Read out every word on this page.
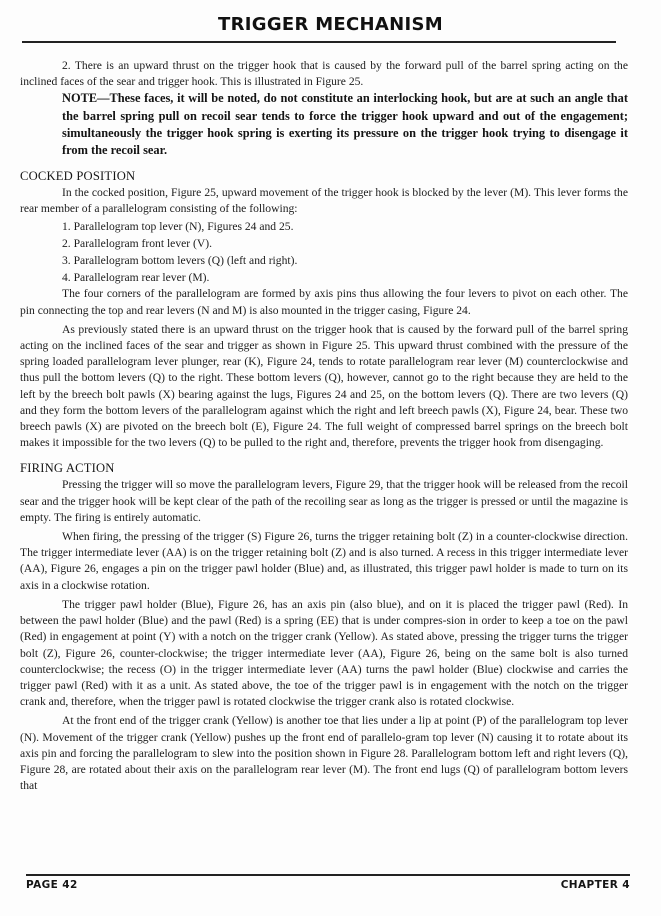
TRIGGER MECHANISM

2. There is an upward thrust on the trigger hook that is caused by the forward pull of the barrel spring acting on the inclined faces of the sear and trigger hook. This is illustrated in Figure 25.

NOTE—These faces, it will be noted, do not constitute an interlocking hook, but are at such an angle that the barrel spring pull on recoil sear tends to force the trigger hook upward and out of the engagement; simultaneously the trigger hook spring is exerting its pressure on the trigger hook trying to disengage it from the recoil sear.

COCKED POSITION

In the cocked position, Figure 25, upward movement of the trigger hook is blocked by the lever (M). This lever forms the rear member of a parallelogram consisting of the following:

1. Parallelogram top lever (N), Figures 24 and 25.
2. Parallelogram front lever (V).
3. Parallelogram bottom levers (Q) (left and right).
4. Parallelogram rear lever (M).

The four corners of the parallelogram are formed by axis pins thus allowing the four levers to pivot on each other. The pin connecting the top and rear levers (N and M) is also mounted in the trigger casing, Figure 24.

As previously stated there is an upward thrust on the trigger hook that is caused by the forward pull of the barrel spring acting on the inclined faces of the sear and trigger as shown in Figure 25. This upward thrust combined with the pressure of the spring loaded parallelogram lever plunger, rear (K), Figure 24, tends to rotate parallelogram rear lever (M) counterclockwise and thus pull the bottom levers (Q) to the right. These bottom levers (Q), however, cannot go to the right because they are held to the left by the breech bolt pawls (X) bearing against the lugs, Figures 24 and 25, on the bottom levers (Q). There are two levers (Q) and they form the bottom levers of the parallelogram against which the right and left breech pawls (X), Figure 24, bear. These two breech pawls (X) are pivoted on the breech bolt (E), Figure 24. The full weight of compressed barrel springs on the breech bolt makes it impossible for the two levers (Q) to be pulled to the right and, therefore, prevents the trigger hook from disengaging.

FIRING ACTION

Pressing the trigger will so move the parallelogram levers, Figure 29, that the trigger hook will be released from the recoil sear and the trigger hook will be kept clear of the path of the recoiling sear as long as the trigger is pressed or until the magazine is empty. The firing is entirely automatic.

When firing, the pressing of the trigger (S) Figure 26, turns the trigger retaining bolt (Z) in a counter-clockwise direction. The trigger intermediate lever (AA) is on the trigger retaining bolt (Z) and is also turned. A recess in this trigger intermediate lever (AA), Figure 26, engages a pin on the trigger pawl holder (Blue) and, as illustrated, this trigger pawl holder is made to turn on its axis in a clockwise rotation.

The trigger pawl holder (Blue), Figure 26, has an axis pin (also blue), and on it is placed the trigger pawl (Red). In between the pawl holder (Blue) and the pawl (Red) is a spring (EE) that is under compres-sion in order to keep a toe on the pawl (Red) in engagement at point (Y) with a notch on the trigger crank (Yellow). As stated above, pressing the trigger turns the trigger bolt (Z), Figure 26, counter-clockwise; the trigger intermediate lever (AA), Figure 26, being on the same bolt is also turned counterclockwise; the recess (O) in the trigger intermediate lever (AA) turns the pawl holder (Blue) clockwise and carries the trigger pawl (Red) with it as a unit. As stated above, the toe of the trigger pawl is in engagement with the notch on the trigger crank and, therefore, when the trigger pawl is rotated clockwise the trigger crank also is rotated clockwise.

At the front end of the trigger crank (Yellow) is another toe that lies under a lip at point (P) of the parallelogram top lever (N). Movement of the trigger crank (Yellow) pushes up the front end of parallelo-gram top lever (N) causing it to rotate about its axis pin and forcing the parallelogram to slew into the position shown in Figure 28. Parallelogram bottom left and right levers (Q), Figure 28, are rotated about their axis on the parallelogram rear lever (M). The front end lugs (Q) of parallelogram bottom levers that

PAGE 42	CHAPTER 4
